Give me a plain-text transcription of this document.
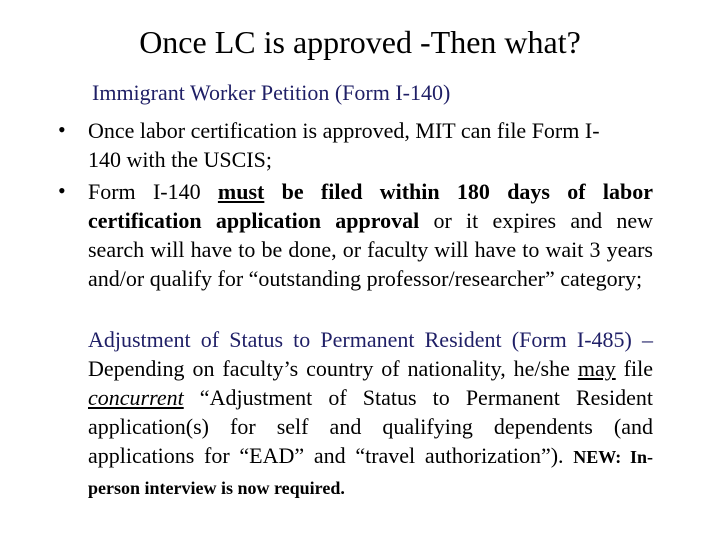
Once LC is approved -Then what?
Immigrant Worker Petition (Form I-140)
• Once labor certification is approved, MIT can file Form I-
140 with the USCIS;
• Form I-140 must be filed within 180 days of labor certification application approval or it expires and new search will have to be done, or faculty will have to wait 3 years and/or qualify for “outstanding professor/researcher” category;
Adjustment of Status to Permanent Resident (Form I-485) – Depending on faculty’s country of nationality, he/she may file concurrent “Adjustment of Status to Permanent Resident application(s) for self and qualifying dependents (and applications for “EAD” and “travel authorization”). NEW: In-person interview is now required.
